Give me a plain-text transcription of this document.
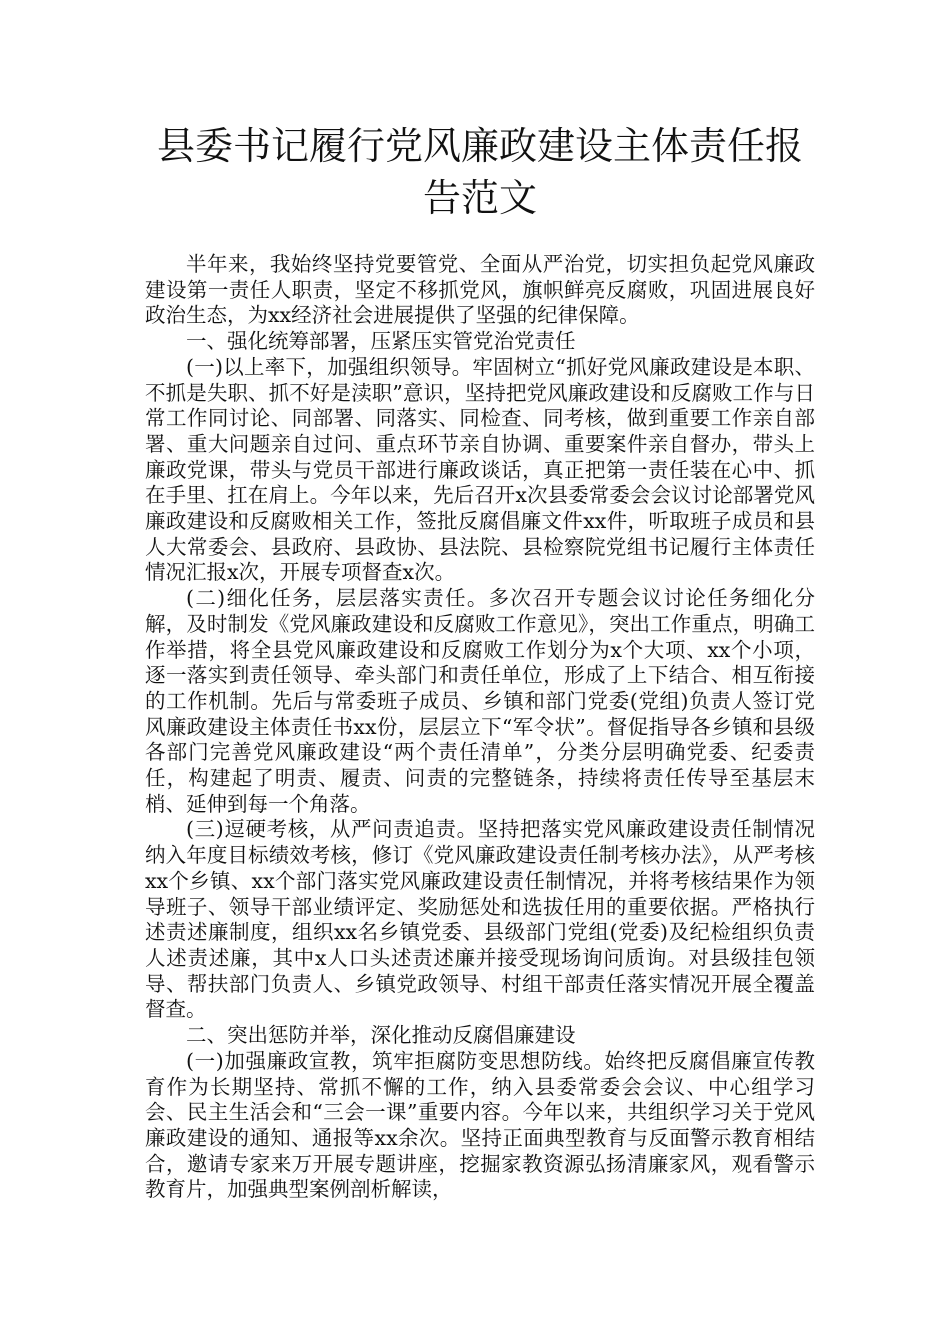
县委书记履行党风廉政建设主体责任报
告范文

半年来，我始终坚持党要管党、全面从严治党，切实担负起党风廉政建设第一责任人职责，坚定不移抓党风，旗帜鲜亮反腐败，巩固进展良好政治生态，为xx经济社会进展提供了坚强的纪律保障。

一、强化统筹部署，压紧压实管党治党责任

(一)以上率下，加强组织领导。牢固树立“抓好党风廉政建设是本职、不抓是失职、抓不好是渎职”意识，坚持把党风廉政建设和反腐败工作与日常工作同讨论、同部署、同落实、同检查、同考核，做到重要工作亲自部署、重大问题亲自过问、重点环节亲自协调、重要案件亲自督办，带头上廉政党课，带头与党员干部进行廉政谈话，真正把第一责任装在心中、抓在手里、扛在肩上。今年以来，先后召开x次县委常委会会议讨论部署党风廉政建设和反腐败相关工作，签批反腐倡廉文件xx件，听取班子成员和县人大常委会、县政府、县政协、县法院、县检察院党组书记履行主体责任情况汇报x次，开展专项督查x次。

(二)细化任务，层层落实责任。多次召开专题会议讨论任务细化分解，及时制发《党风廉政建设和反腐败工作意见》，突出工作重点，明确工作举措，将全县党风廉政建设和反腐败工作划分为x个大项、xx个小项，逐一落实到责任领导、牵头部门和责任单位，形成了上下结合、相互衔接的工作机制。先后与常委班子成员、乡镇和部门党委(党组)负责人签订党风廉政建设主体责任书xx份，层层立下“军令状”。督促指导各乡镇和县级各部门完善党风廉政建设“两个责任清单”，分类分层明确党委、纪委责任，构建起了明责、履责、问责的完整链条，持续将责任传导至基层末梢、延伸到每一个角落。

(三)逗硬考核，从严问责追责。坚持把落实党风廉政建设责任制情况纳入年度目标绩效考核，修订《党风廉政建设责任制考核办法》，从严考核xx个乡镇、xx个部门落实党风廉政建设责任制情况，并将考核结果作为领导班子、领导干部业绩评定、奖励惩处和选拔任用的重要依据。严格执行述责述廉制度，组织xx名乡镇党委、县级部门党组(党委)及纪检组织负责人述责述廉，其中x人口头述责述廉并接受现场询问质询。对县级挂包领导、帮扶部门负责人、乡镇党政领导、村组干部责任落实情况开展全覆盖督查。

二、突出惩防并举，深化推动反腐倡廉建设

(一)加强廉政宣教，筑牢拒腐防变思想防线。始终把反腐倡廉宣传教育作为长期坚持、常抓不懈的工作，纳入县委常委会会议、中心组学习会、民主生活会和“三会一课”重要内容。今年以来，共组织学习关于党风廉政建设的通知、通报等xx余次。坚持正面典型教育与反面警示教育相结合，邀请专家来万开展专题讲座，挖掘家教资源弘扬清廉家风，观看警示教育片，加强典型案例剖析解读，
